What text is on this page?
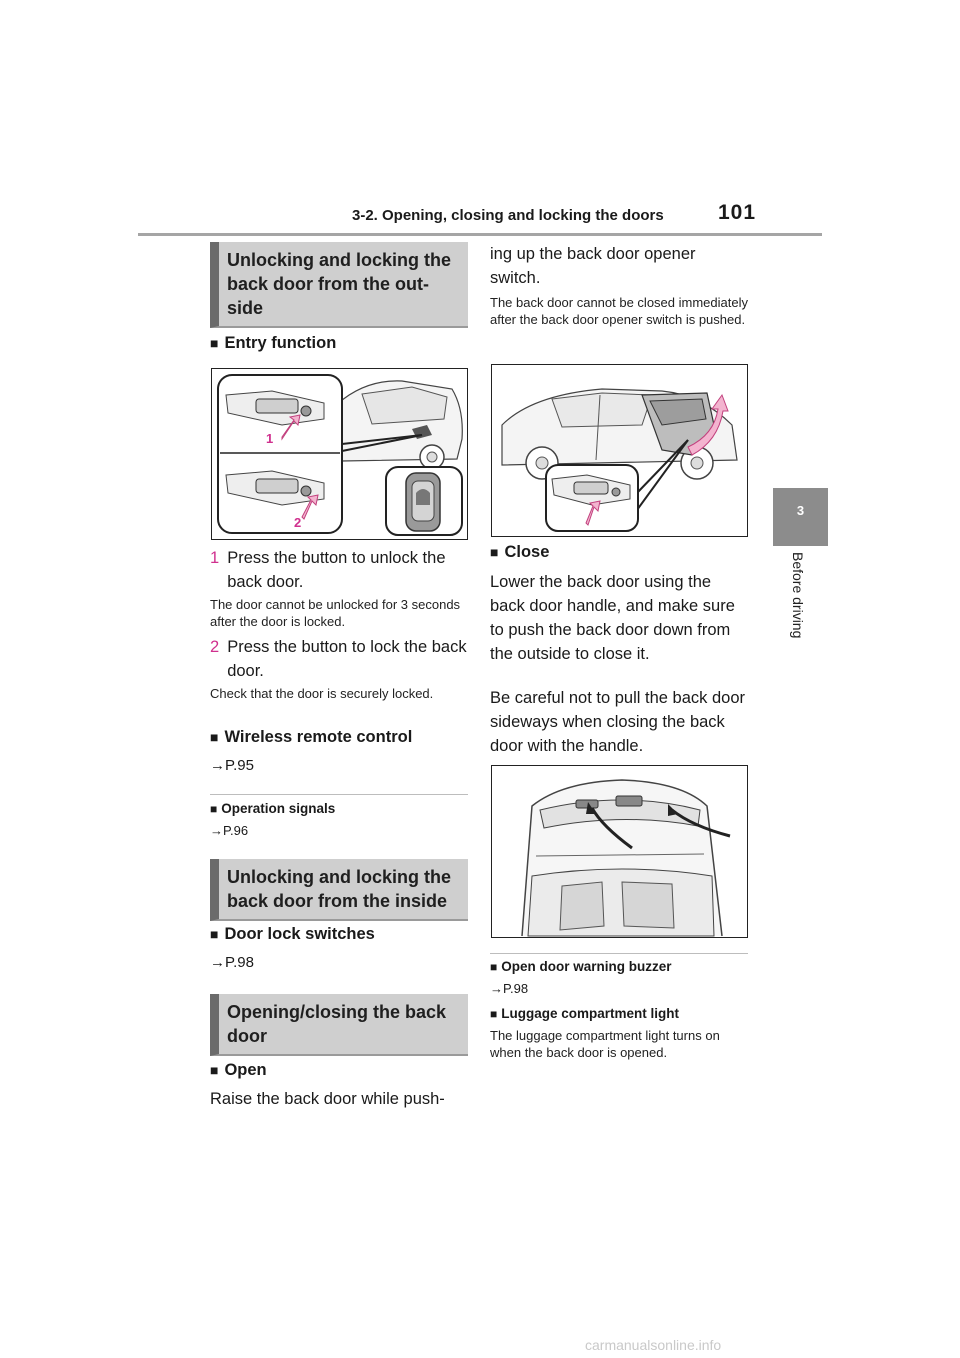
3-2. Opening, closing and locking the doors	101
3
Before driving
Unlocking and locking the back door from the out-side
■ Entry function
1
2
1 Press the button to unlock the back door.
The door cannot be unlocked for 3 seconds after the door is locked.
2 Press the button to lock the back door.
Check that the door is securely locked.
■ Wireless remote control
→P.95
■ Operation signals
→P.96
Unlocking and locking the back door from the inside
■ Door lock switches
→P.98
Opening/closing the back door
■ Open
Raise the back door while push-
ing up the back door opener switch.
The back door cannot be closed immediately after the back door opener switch is pushed.
■ Close
Lower the back door using the back door handle, and make sure to push the back door down from the outside to close it.
Be careful not to pull the back door sideways when closing the back door with the handle.
■ Open door warning buzzer
→P.98
■ Luggage compartment light
The luggage compartment light turns on when the back door is opened.
carmanualsonline.info
